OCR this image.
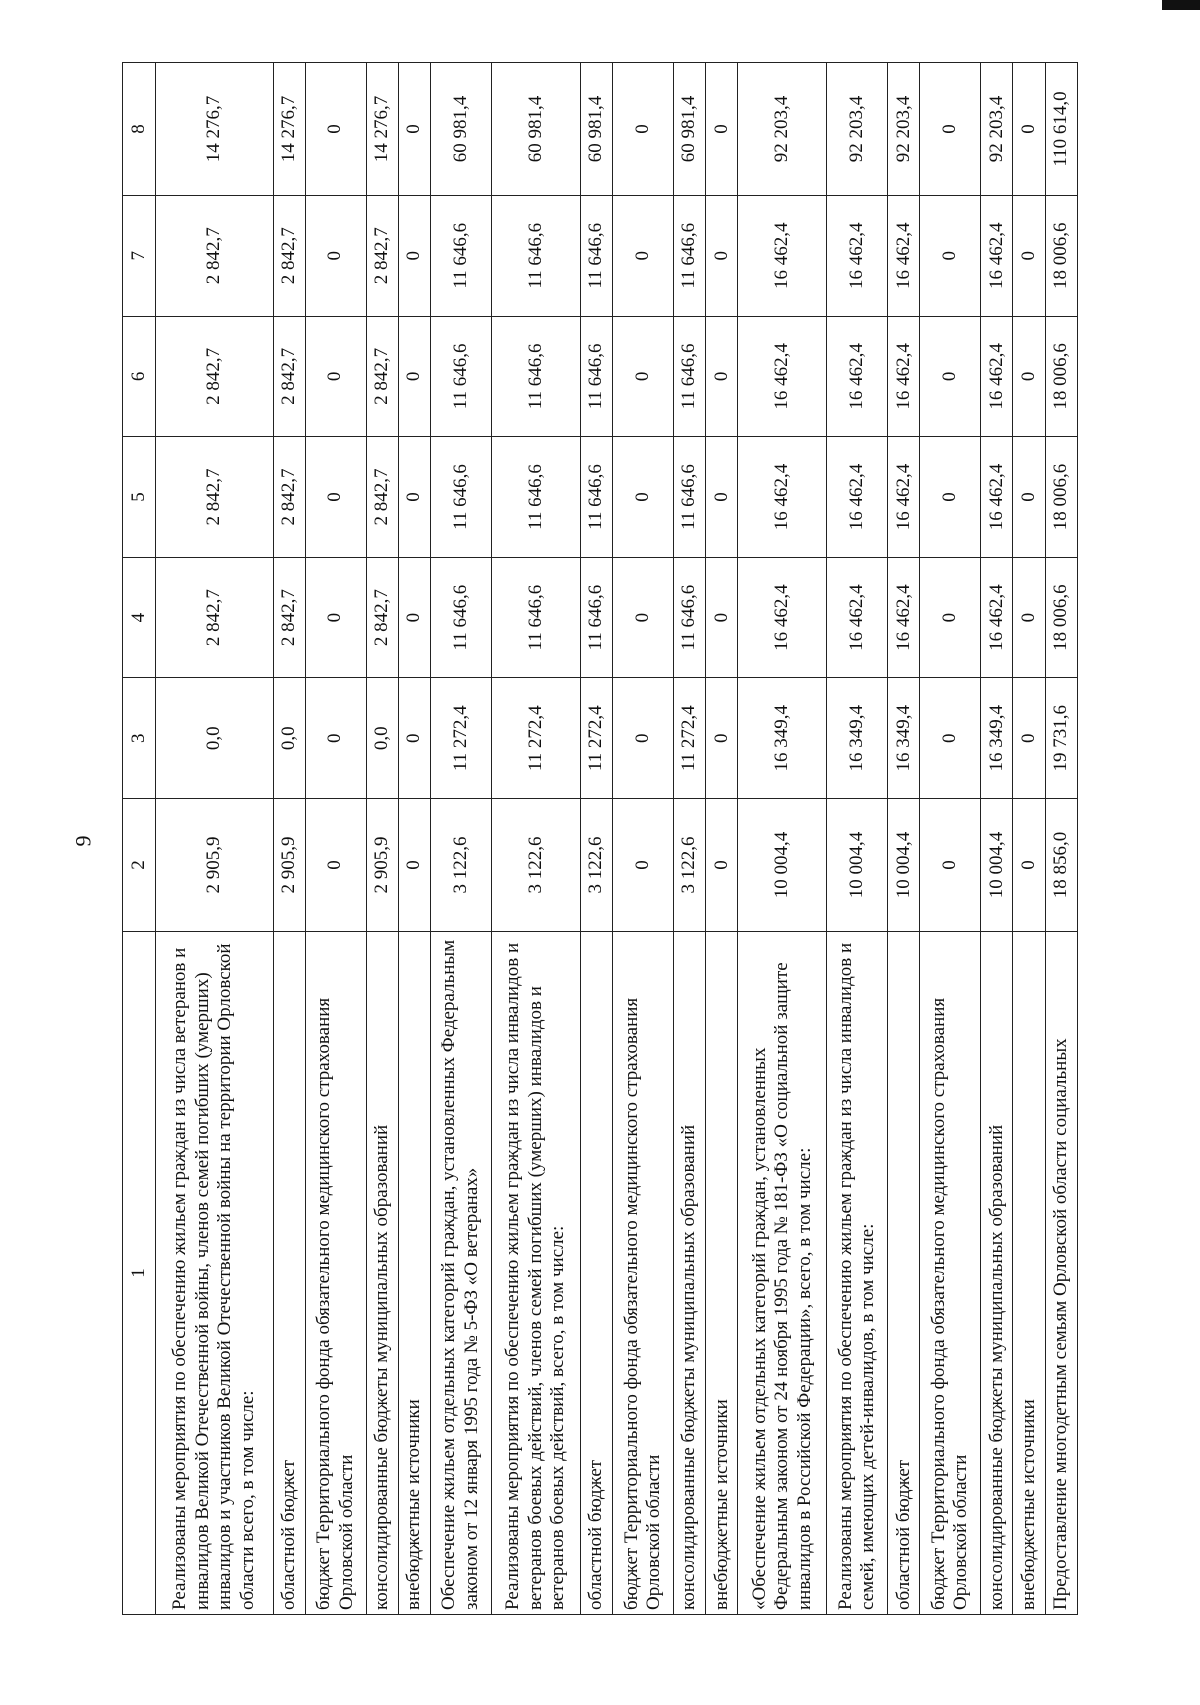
9
1	2	3	4	5	6	7	8
Реализованы мероприятия по обеспечению жильем граждан из числа ветеранов и инвалидов Великой Отечественной войны, членов семей погибших (умерших) инвалидов и участников Великой Отечественной войны на территории Орловской области всего, в том числе:	2 905,9	0,0	2 842,7	2 842,7	2 842,7	2 842,7	14 276,7
областной бюджет	2 905,9	0,0	2 842,7	2 842,7	2 842,7	2 842,7	14 276,7
бюджет Территориального фонда обязательного медицинского страхования Орловской области	0	0	0	0	0	0	0
консолидированные бюджеты муниципальных образований	2 905,9	0,0	2 842,7	2 842,7	2 842,7	2 842,7	14 276,7
внебюджетные источники	0	0	0	0	0	0	0
Обеспечение жильем отдельных категорий граждан, установленных Федеральным законом от 12 января 1995 года № 5-ФЗ «О ветеранах»	3 122,6	11 272,4	11 646,6	11 646,6	11 646,6	11 646,6	60 981,4
Реализованы мероприятия по обеспечению жильем граждан из числа инвалидов и ветеранов боевых действий, членов семей погибших (умерших) инвалидов и ветеранов боевых действий, всего, в том числе:	3 122,6	11 272,4	11 646,6	11 646,6	11 646,6	11 646,6	60 981,4
областной бюджет	3 122,6	11 272,4	11 646,6	11 646,6	11 646,6	11 646,6	60 981,4
бюджет Территориального фонда обязательного медицинского страхования Орловской области	0	0	0	0	0	0	0
консолидированные бюджеты муниципальных образований	3 122,6	11 272,4	11 646,6	11 646,6	11 646,6	11 646,6	60 981,4
внебюджетные источники	0	0	0	0	0	0	0
«Обеспечение жильем отдельных категорий граждан, установленных Федеральным законом от 24 ноября 1995 года № 181-ФЗ «О социальной защите инвалидов в Российской Федерации», всего, в том числе:	10 004,4	16 349,4	16 462,4	16 462,4	16 462,4	16 462,4	92 203,4
Реализованы мероприятия по обеспечению жильем граждан из числа инвалидов и семей, имеющих детей-инвалидов, в том числе:	10 004,4	16 349,4	16 462,4	16 462,4	16 462,4	16 462,4	92 203,4
областной бюджет	10 004,4	16 349,4	16 462,4	16 462,4	16 462,4	16 462,4	92 203,4
бюджет Территориального фонда обязательного медицинского страхования Орловской области	0	0	0	0	0	0	0
консолидированные бюджеты муниципальных образований	10 004,4	16 349,4	16 462,4	16 462,4	16 462,4	16 462,4	92 203,4
внебюджетные источники	0	0	0	0	0	0	0
Предоставление многодетным семьям Орловской области социальных	18 856,0	19 731,6	18 006,6	18 006,6	18 006,6	18 006,6	110 614,0
